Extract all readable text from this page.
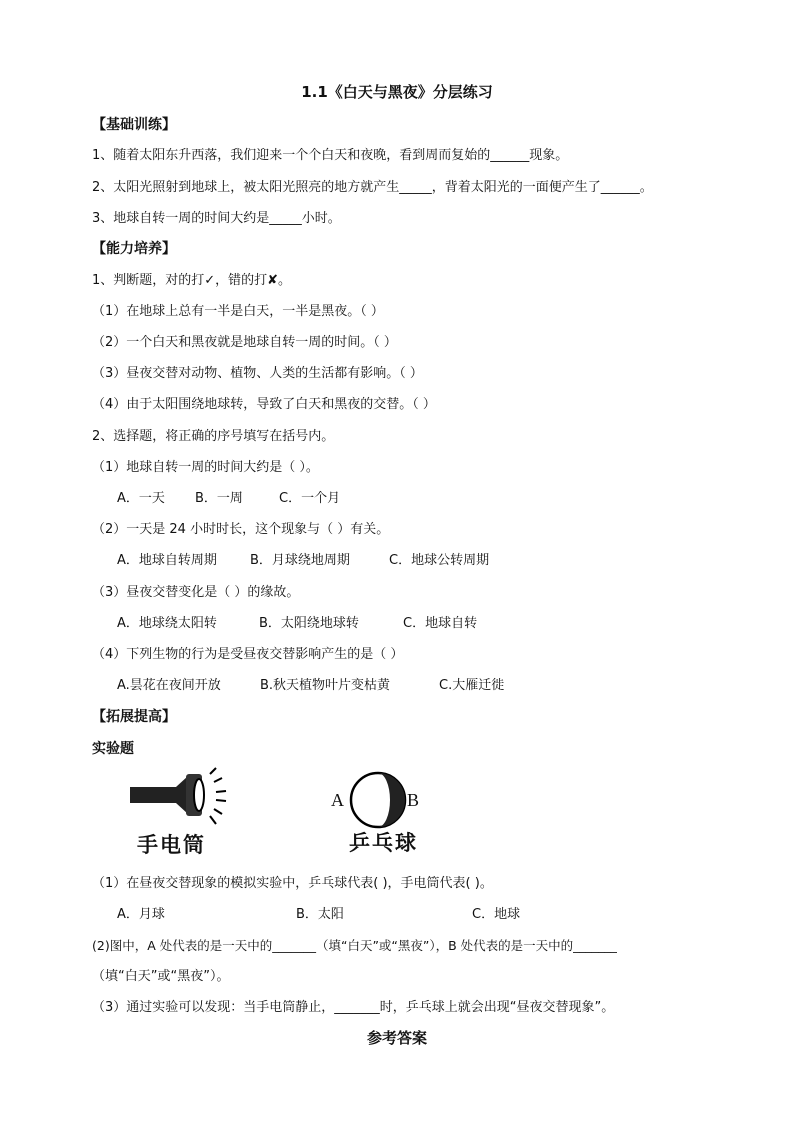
1.1《白天与黑夜》分层练习
【基础训练】
1、随着太阳东升西落，我们迎来一个个白天和夜晚，看到周而复始的______现象。
2、太阳光照射到地球上，被太阳光照亮的地方就产生_____，背着太阳光的一面便产生了______。
3、地球自转一周的时间大约是_____小时。
【能力培养】
1、判断题，对的打✓，错的打✘。
（1）在地球上总有一半是白天，一半是黑夜。（ ）
（2）一个白天和黑夜就是地球自转一周的时间。（ ）
（3）昼夜交替对动物、植物、人类的生活都有影响。（ ）
（4）由于太阳围绕地球转，导致了白天和黑夜的交替。（ ）
2、选择题，将正确的序号填写在括号内。
（1）地球自转一周的时间大约是（ ）。
A．一天 B．一周	C．一个月
（2）一天是 24 小时时长，这个现象与（ ）有关。
A．地球自转周期	B．月球绕地周期	C．地球公转周期
（3）昼夜交替变化是（ ）的缘故。
A．地球绕太阳转	B．太阳绕地球转	C．地球自转
（4）下列生物的行为是受昼夜交替影响产生的是（ ）
A.昙花在夜间开放	B.秋天植物叶片变枯黄	C.大雁迁徙
【拓展提高】
实验题
手电筒
A	B
乒乓球
（1）在昼夜交替现象的模拟实验中，乒乓球代表( )，手电筒代表( )。
A．月球	B．太阳	C．地球
(2)图中，A 处代表的是一天中的_______（填“白天”或“黑夜”），B 处代表的是一天中的_______
（填“白天”或“黑夜”）。
（3）通过实验可以发现：当手电筒静止，_______时，乒乓球上就会出现“昼夜交替现象”。
参考答案
